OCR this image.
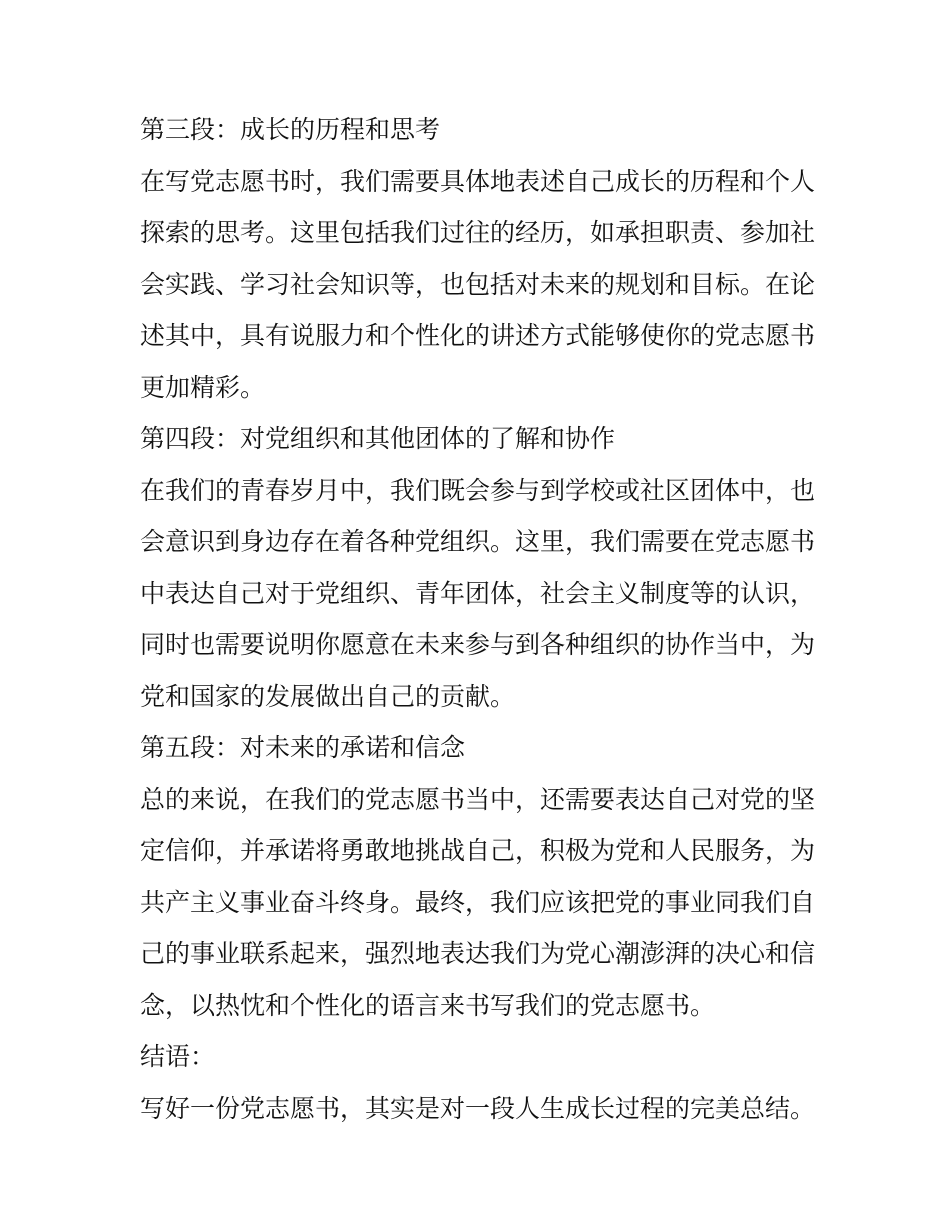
第三段：成长的历程和思考
在写党志愿书时，我们需要具体地表述自己成长的历程和个人
探索的思考。这里包括我们过往的经历，如承担职责、参加社
会实践、学习社会知识等，也包括对未来的规划和目标。在论
述其中，具有说服力和个性化的讲述方式能够使你的党志愿书
更加精彩。
第四段：对党组织和其他团体的了解和协作
在我们的青春岁月中，我们既会参与到学校或社区团体中，也
会意识到身边存在着各种党组织。这里，我们需要在党志愿书
中表达自己对于党组织、青年团体，社会主义制度等的认识，
同时也需要说明你愿意在未来参与到各种组织的协作当中，为
党和国家的发展做出自己的贡献。
第五段：对未来的承诺和信念
总的来说，在我们的党志愿书当中，还需要表达自己对党的坚
定信仰，并承诺将勇敢地挑战自己，积极为党和人民服务，为
共产主义事业奋斗终身。最终，我们应该把党的事业同我们自
己的事业联系起来，强烈地表达我们为党心潮澎湃的决心和信
念，以热忱和个性化的语言来书写我们的党志愿书。
结语：
写好一份党志愿书，其实是对一段人生成长过程的完美总结。
